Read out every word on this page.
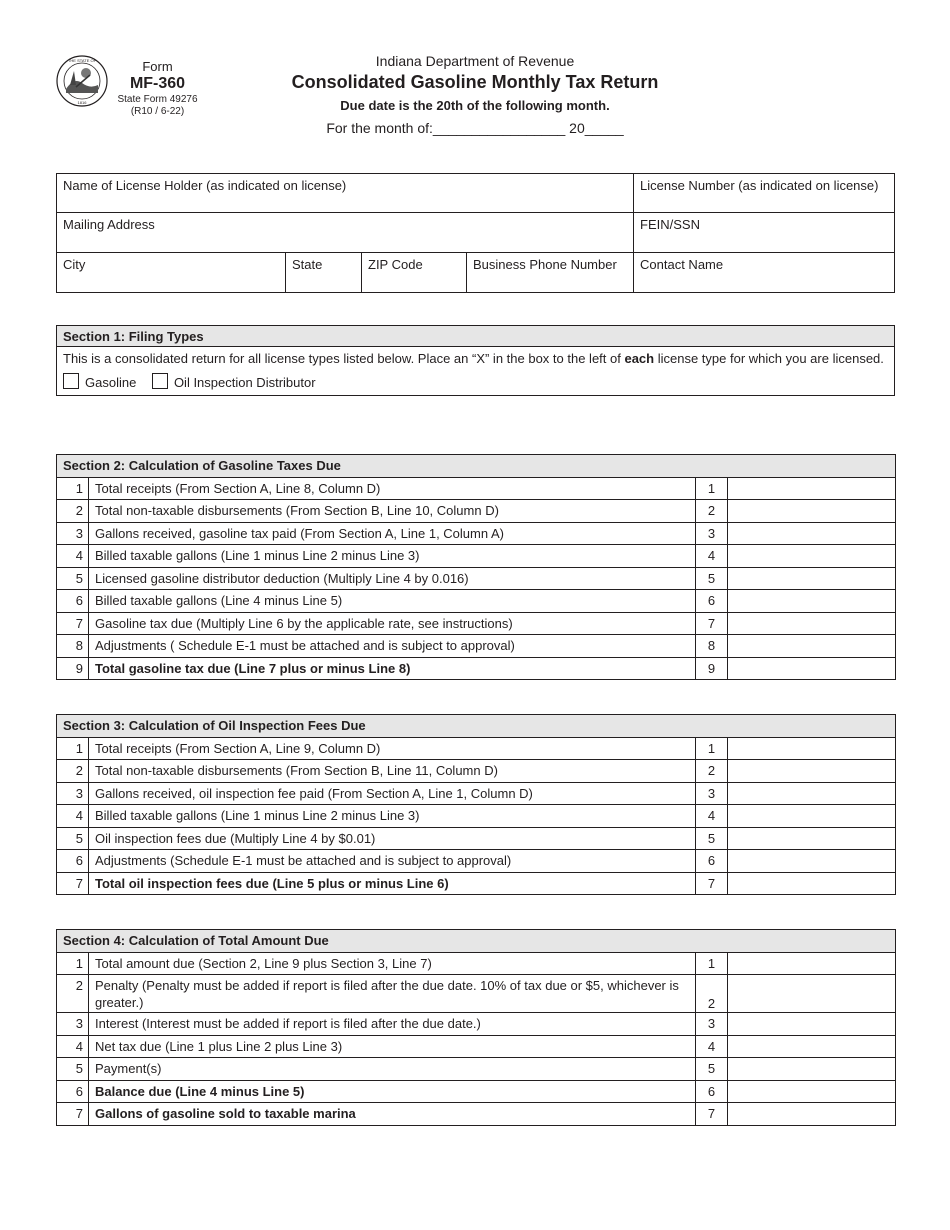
THE STATE OF
1816
Form
MF-360
State Form 49276
(R10 / 6-22)
Indiana Department of Revenue
Consolidated Gasoline Monthly Tax Return
Due date is the 20th of the following month.
For the month of:_________________ 20_____
Name of License Holder (as indicated on license)				License Number (as indicated on license)
Mailing Address				FEIN/SSN
City	State	ZIP Code	Business Phone Number	Contact Name
Section 1: Filing Types
This is a consolidated return for all license types listed below. Place an “X” in the box to the left of each license type for which you are licensed.
Gasoline	Oil Inspection Distributor
Section 2: Calculation of Gasoline Taxes Due			
1	Total receipts (From Section A, Line 8, Column D)	1	
2	Total non-taxable disbursements (From Section B, Line 10, Column D)	2	
3	Gallons received, gasoline tax paid (From Section A, Line 1, Column A)	3	
4	Billed taxable gallons (Line 1 minus Line 2 minus Line 3)	4	
5	Licensed gasoline distributor deduction (Multiply Line 4 by 0.016)	5	
6	Billed taxable gallons (Line 4 minus Line 5)	6	
7	Gasoline tax due (Multiply Line 6 by the applicable rate, see instructions)	7	
8	Adjustments ( Schedule E-1 must be attached and is subject to approval)	8	
9	Total gasoline tax due (Line 7 plus or minus Line 8)	9	
Section 3: Calculation of Oil Inspection Fees Due			
1	Total receipts (From Section A, Line 9, Column D)	1	
2	Total non-taxable disbursements (From Section B, Line 11, Column D)	2	
3	Gallons received, oil inspection fee paid (From Section A, Line 1, Column D)	3	
4	Billed taxable gallons (Line 1 minus Line 2 minus Line 3)	4	
5	Oil inspection fees due (Multiply Line 4 by $0.01)	5	
6	Adjustments (Schedule E-1 must be attached and is subject to approval)	6	
7	Total oil inspection fees due (Line 5 plus or minus Line 6)	7	
Section 4: Calculation of Total Amount Due			
1	Total amount due (Section 2, Line 9 plus Section 3, Line 7)	1	
2	Penalty (Penalty must be added if report is filed after the due date. 10% of tax due or $5, whichever is greater.)	2	
3	Interest (Interest must be added if report is filed after the due date.)	3	
4	Net tax due (Line 1 plus Line 2 plus Line 3)	4	
5	Payment(s)	5	
6	Balance due (Line 4 minus Line 5)	6	
7	Gallons of gasoline sold to taxable marina	7	
